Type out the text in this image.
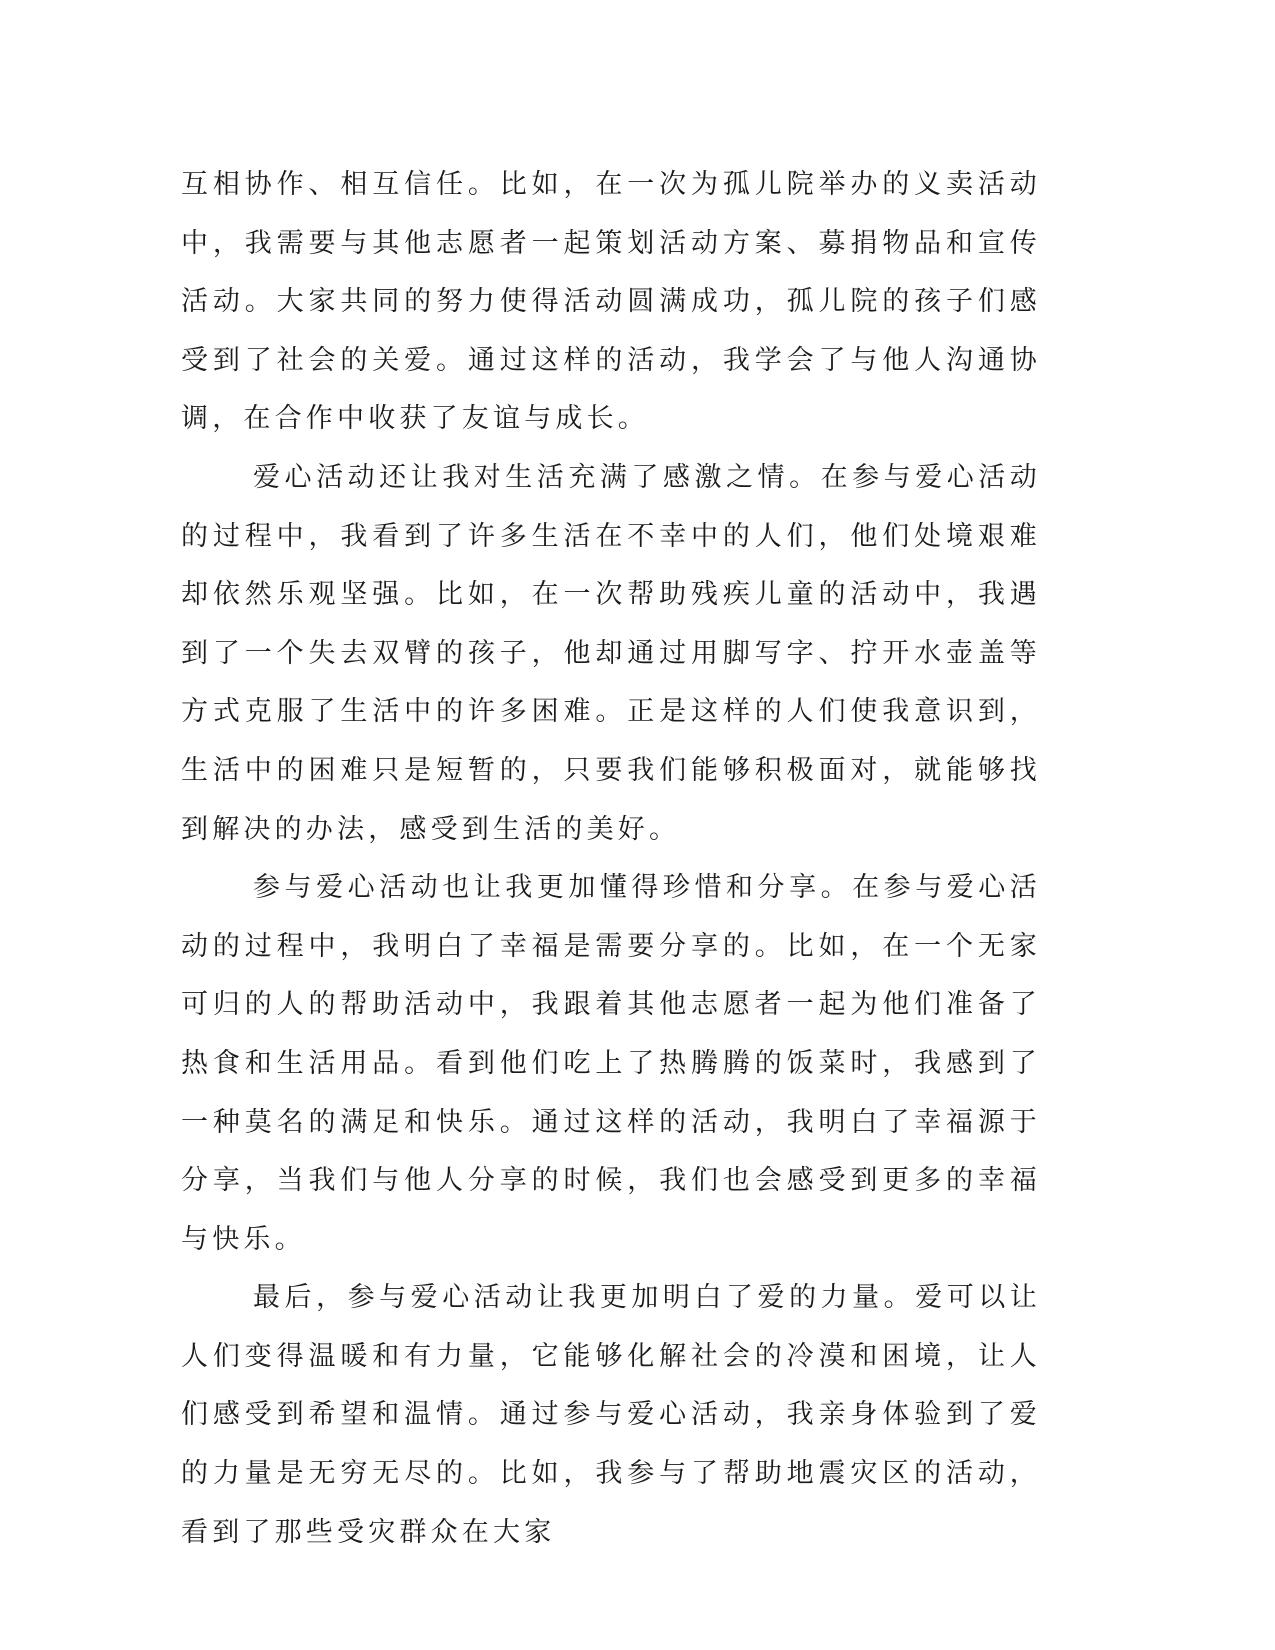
互相协作、相互信任。比如，在一次为孤儿院举办的义卖活动中，我需要与其他志愿者一起策划活动方案、募捐物品和宣传活动。大家共同的努力使得活动圆满成功，孤儿院的孩子们感受到了社会的关爱。通过这样的活动，我学会了与他人沟通协调，在合作中收获了友谊与成长。

爱心活动还让我对生活充满了感激之情。在参与爱心活动的过程中，我看到了许多生活在不幸中的人们，他们处境艰难却依然乐观坚强。比如，在一次帮助残疾儿童的活动中，我遇到了一个失去双臂的孩子，他却通过用脚写字、拧开水壶盖等方式克服了生活中的许多困难。正是这样的人们使我意识到，生活中的困难只是短暂的，只要我们能够积极面对，就能够找到解决的办法，感受到生活的美好。

参与爱心活动也让我更加懂得珍惜和分享。在参与爱心活动的过程中，我明白了幸福是需要分享的。比如，在一个无家可归的人的帮助活动中，我跟着其他志愿者一起为他们准备了热食和生活用品。看到他们吃上了热腾腾的饭菜时，我感到了一种莫名的满足和快乐。通过这样的活动，我明白了幸福源于分享，当我们与他人分享的时候，我们也会感受到更多的幸福与快乐。

最后，参与爱心活动让我更加明白了爱的力量。爱可以让人们变得温暖和有力量，它能够化解社会的冷漠和困境，让人们感受到希望和温情。通过参与爱心活动，我亲身体验到了爱的力量是无穷无尽的。比如，我参与了帮助地震灾区的活动，看到了那些受灾群众在大家
